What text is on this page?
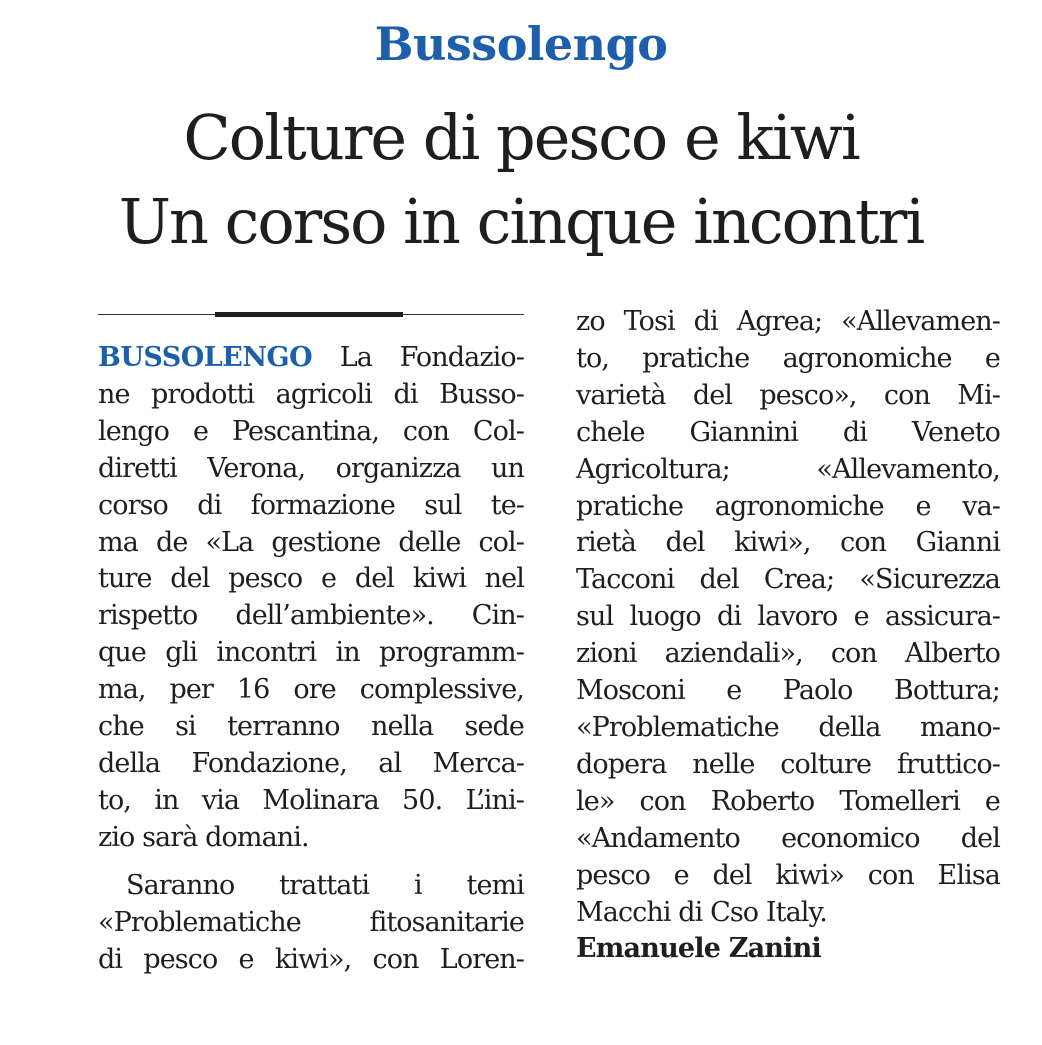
Bussolengo
Colture di pesco e kiwi
Un corso in cinque incontri
BUSSOLENGO La Fondazio-
ne prodotti agricoli di Busso-
lengo e Pescantina, con Col-
diretti Verona, organizza un
corso di formazione sul te-
ma de «La gestione delle col-
ture del pesco e del kiwi nel
rispetto dell’ambiente». Cin-
que gli incontri in programm-
ma, per 16 ore complessive,
che si terranno nella sede
della Fondazione, al Merca-
to, in via Molinara 50. L’ini-
zio sarà domani.
Saranno trattati i temi
«Problematiche fitosanitarie
di pesco e kiwi», con Loren-
zo Tosi di Agrea; «Allevamen-
to, pratiche agronomiche e
varietà del pesco», con Mi-
chele Giannini di Veneto
Agricoltura; «Allevamento,
pratiche agronomiche e va-
rietà del kiwi», con Gianni
Tacconi del Crea; «Sicurezza
sul luogo di lavoro e assicura-
zioni aziendali», con Alberto
Mosconi e Paolo Bottura;
«Problematiche della mano-
dopera nelle colture fruttico-
le» con Roberto Tomelleri e
«Andamento economico del
pesco e del kiwi» con Elisa
Macchi di Cso Italy.
Emanuele Zanini
